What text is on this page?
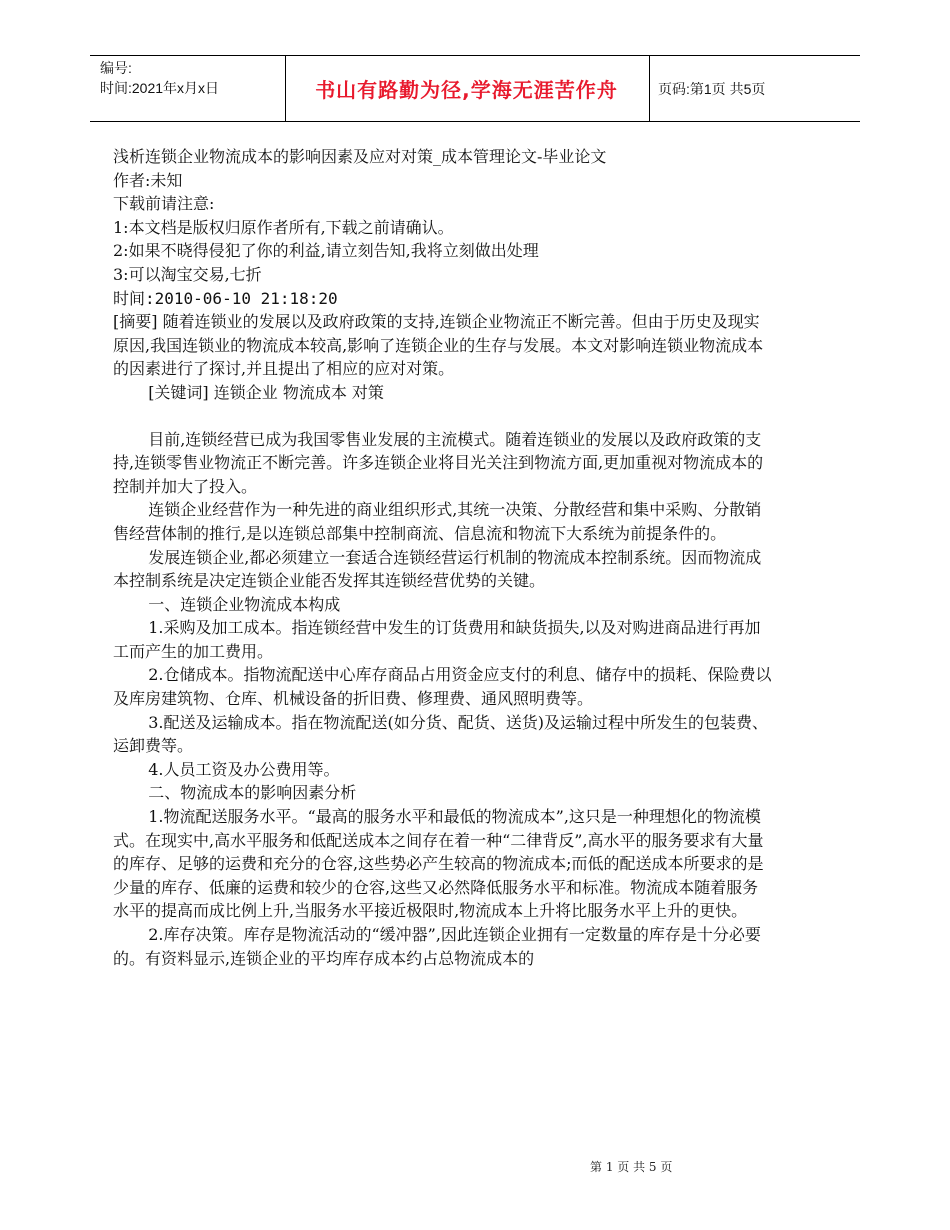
编号:
时间:2021年x月x日	书山有路勤为径,学海无涯苦作舟	页码:第1页 共5页

浅析连锁企业物流成本的影响因素及应对对策_成本管理论文-毕业论文

作者:未知

下载前请注意:

1:本文档是版权归原作者所有,下载之前请确认。

2:如果不晓得侵犯了你的利益,请立刻告知,我将立刻做出处理

3:可以淘宝交易,七折

时间:2010-06-10 21:18:20

[摘要] 随着连锁业的发展以及政府政策的支持,连锁企业物流正不断完善。但由于历史及现实原因,我国连锁业的物流成本较高,影响了连锁企业的生存与发展。本文对影响连锁业物流成本的因素进行了探讨,并且提出了相应的应对对策。

[关键词] 连锁企业 物流成本 对策

目前,连锁经营已成为我国零售业发展的主流模式。随着连锁业的发展以及政府政策的支持,连锁零售业物流正不断完善。许多连锁企业将目光关注到物流方面,更加重视对物流成本的控制并加大了投入。

连锁企业经营作为一种先进的商业组织形式,其统一决策、分散经营和集中采购、分散销售经营体制的推行,是以连锁总部集中控制商流、信息流和物流下大系统为前提条件的。

发展连锁企业,都必须建立一套适合连锁经营运行机制的物流成本控制系统。因而物流成本控制系统是决定连锁企业能否发挥其连锁经营优势的关键。

一、连锁企业物流成本构成

1.采购及加工成本。指连锁经营中发生的订货费用和缺货损失,以及对购进商品进行再加工而产生的加工费用。

2.仓储成本。指物流配送中心库存商品占用资金应支付的利息、储存中的损耗、保险费以及库房建筑物、仓库、机械设备的折旧费、修理费、通风照明费等。

3.配送及运输成本。指在物流配送(如分货、配货、送货)及运输过程中所发生的包装费、运卸费等。

4.人员工资及办公费用等。

二、物流成本的影响因素分析

1.物流配送服务水平。“最高的服务水平和最低的物流成本”,这只是一种理想化的物流模式。在现实中,高水平服务和低配送成本之间存在着一种“二律背反”,高水平的服务要求有大量的库存、足够的运费和充分的仓容,这些势必产生较高的物流成本;而低的配送成本所要求的是少量的库存、低廉的运费和较少的仓容,这些又必然降低服务水平和标准。物流成本随着服务水平的提高而成比例上升,当服务水平接近极限时,物流成本上升将比服务水平上升的更快。

2.库存决策。库存是物流活动的“缓冲器”,因此连锁企业拥有一定数量的库存是十分必要的。有资料显示,连锁企业的平均库存成本约占总物流成本的

第 1 页 共 5 页
